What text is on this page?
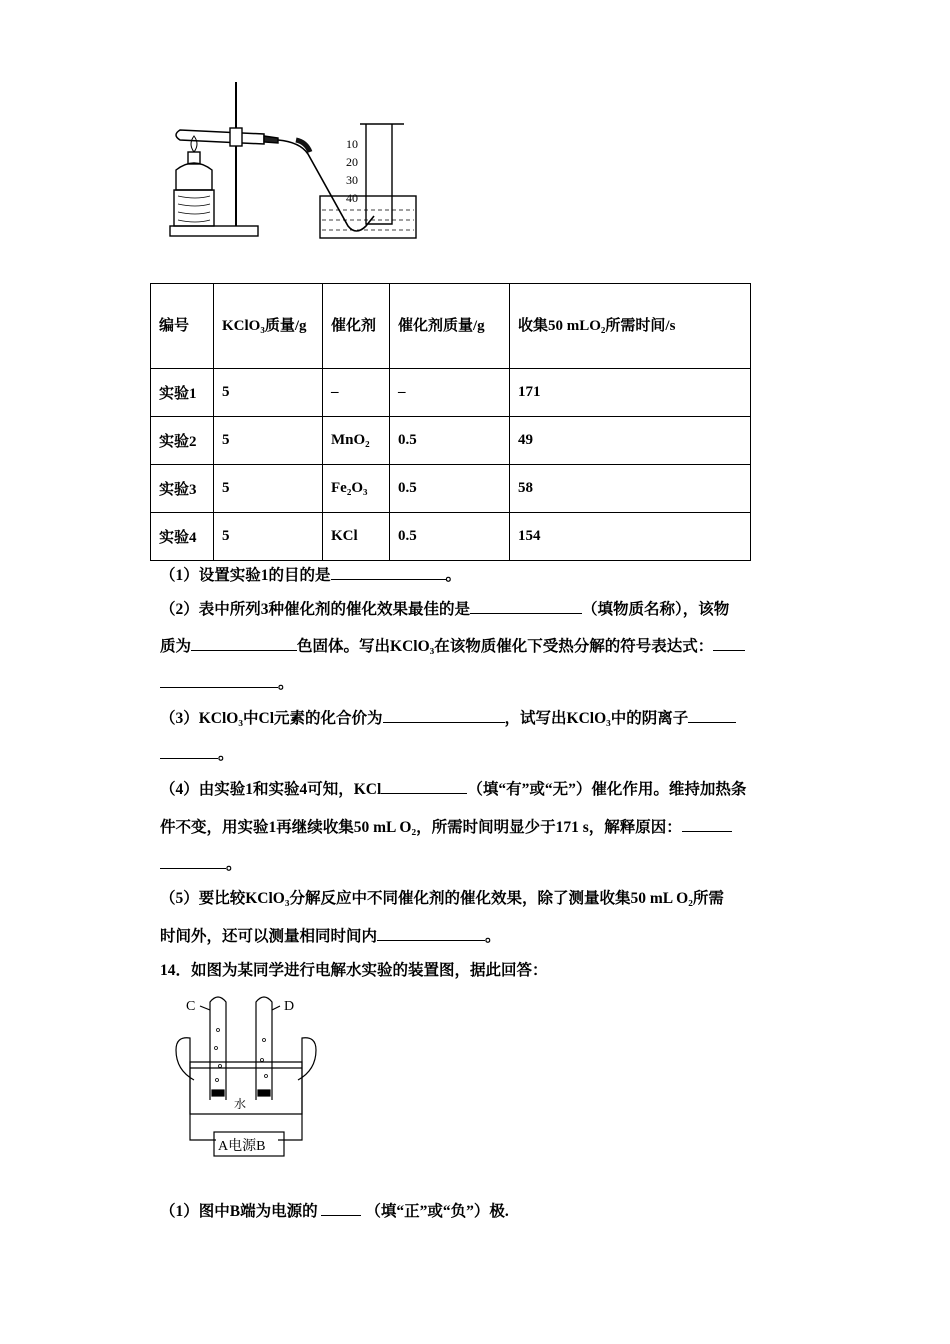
10
20
30
40
编号	KClO₃质量/g	催化剂	催化剂质量/g	收集50 mLO₂所需时间/s
实验1	5	–	–	171
实验2	5	MnO₂	0.5	49
实验3	5	Fe₂O₃	0.5	58
实验4	5	KCl	0.5	154
（1）设置实验1的目的是	。
（2）表中所列3种催化剂的催化效果最佳的是	（填物质名称），该物
质为	色固体。写出KClO₃在该物质催化下受热分解的符号表达式：
。
（3）KClO₃中Cl元素的化合价为	，试写出KClO₃中的阴离子
。
（4）由实验1和实验4可知，KCl	（填“有”或“无”）催化作用。维持加热条
件不变，用实验1再继续收集50 mL O₂，所需时间明显少于171 s，解释原因：
。
（5）要比较KClO₃分解反应中不同催化剂的催化效果，除了测量收集50 mL O₂所需
时间外，还可以测量相同时间内	。
14．如图为某同学进行电解水实验的装置图，据此回答：
C	D
水
A电源B
（1）图中B端为电源的	（填“正”或“负”）极.
